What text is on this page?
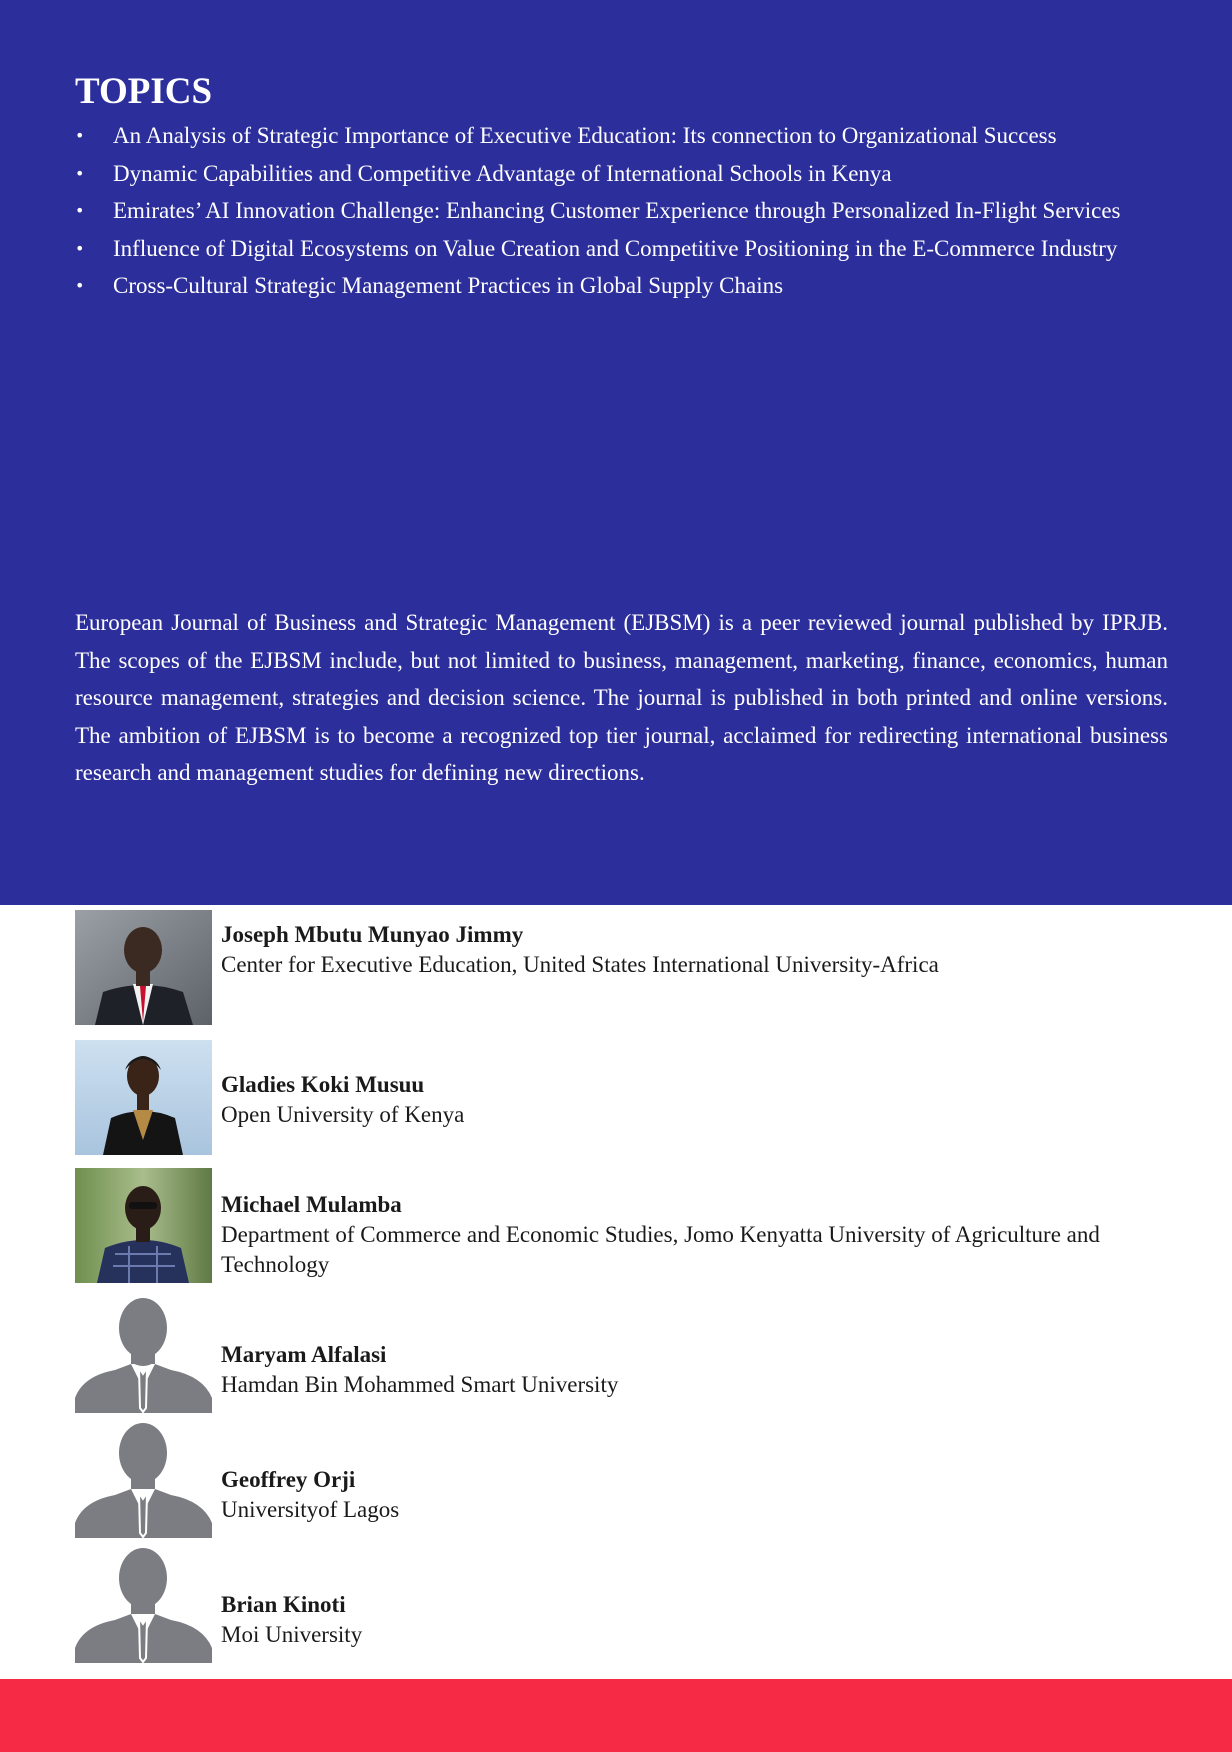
TOPICS
•	An Analysis of Strategic Importance of Executive Education: Its connection to Organizational Success
•	Dynamic Capabilities and Competitive Advantage of International Schools in Kenya
•	Emirates’ AI Innovation Challenge: Enhancing Customer Experience through Personalized In-Flight Services
•	Influence of Digital Ecosystems on Value Creation and Competitive Positioning in the E-Commerce Industry
•	Cross-Cultural Strategic Management Practices in Global Supply Chains

European Journal of Business and Strategic Management (EJBSM) is a peer reviewed journal published by IPRJB. The scopes of the EJBSM include, but not limited to business, management, marketing, finance, economics, human resource management, strategies and decision science. The journal is published in both printed and online versions. The ambition of EJBSM is to become a recognized top tier journal, acclaimed for redirecting international business research and management studies for defining new directions.

Joseph Mbutu Munyao Jimmy
Center for Executive Education, United States International University-Africa
Gladies Koki Musuu
Open University of Kenya
Michael Mulamba
Department of Commerce and Economic Studies, Jomo Kenyatta University of Agriculture and Technology
Maryam Alfalasi
Hamdan Bin Mohammed Smart University
Geoffrey Orji
Universityof Lagos
Brian Kinoti
Moi University
